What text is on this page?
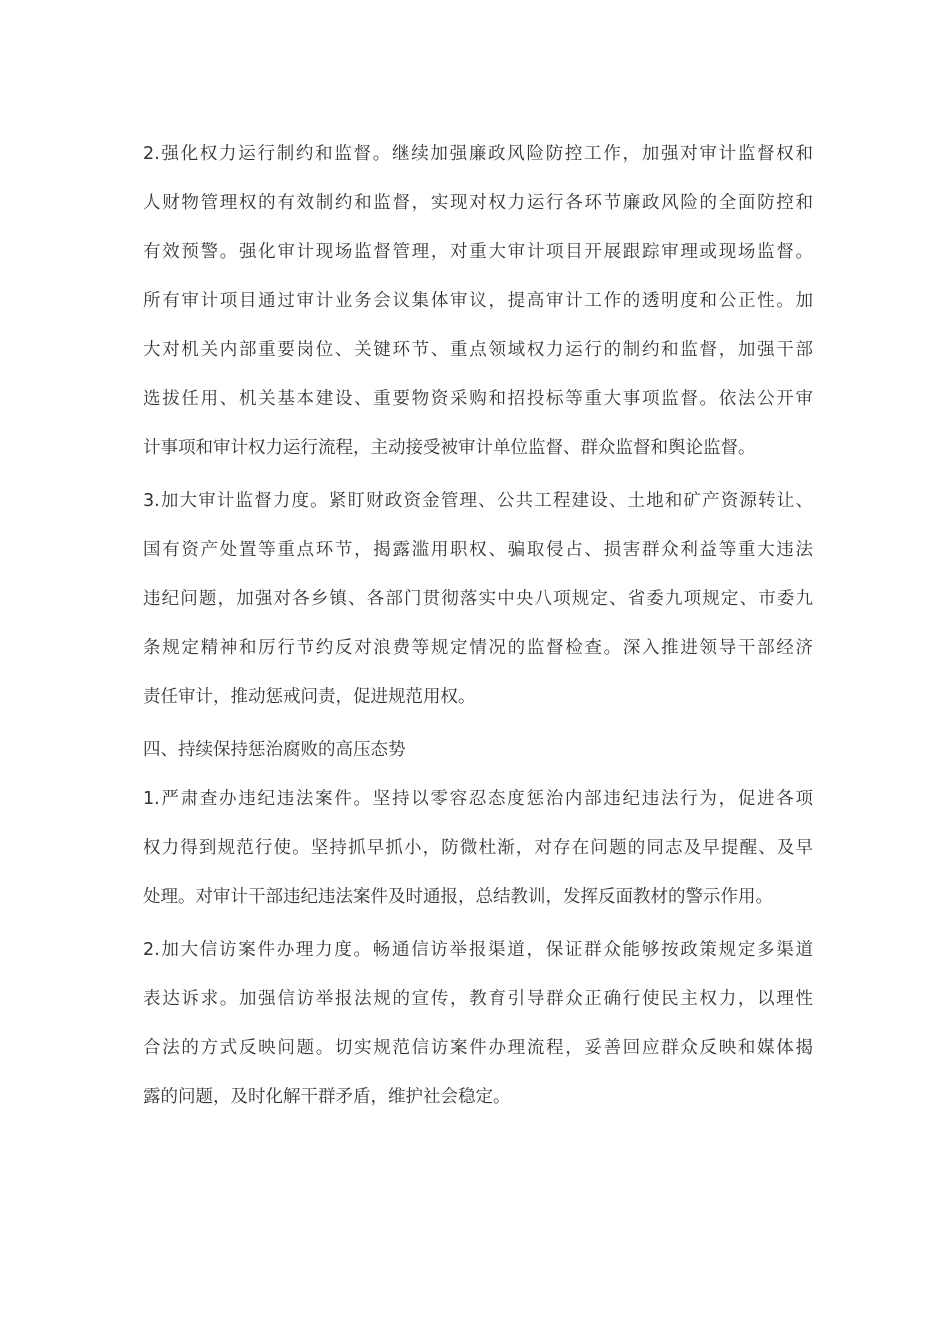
2.强化权力运行制约和监督。继续加强廉政风险防控工作，加强对审计监督权和
人财物管理权的有效制约和监督，实现对权力运行各环节廉政风险的全面防控和
有效预警。强化审计现场监督管理，对重大审计项目开展跟踪审理或现场监督。
所有审计项目通过审计业务会议集体审议，提高审计工作的透明度和公正性。加
大对机关内部重要岗位、关键环节、重点领域权力运行的制约和监督，加强干部
选拔任用、机关基本建设、重要物资采购和招投标等重大事项监督。依法公开审
计事项和审计权力运行流程，主动接受被审计单位监督、群众监督和舆论监督。
3.加大审计监督力度。紧盯财政资金管理、公共工程建设、土地和矿产资源转让、
国有资产处置等重点环节，揭露滥用职权、骗取侵占、损害群众利益等重大违法
违纪问题，加强对各乡镇、各部门贯彻落实中央八项规定、省委九项规定、市委九
条规定精神和厉行节约反对浪费等规定情况的监督检查。深入推进领导干部经济
责任审计，推动惩戒问责，促进规范用权。
四、持续保持惩治腐败的高压态势
1.严肃查办违纪违法案件。坚持以零容忍态度惩治内部违纪违法行为，促进各项
权力得到规范行使。坚持抓早抓小，防微杜渐，对存在问题的同志及早提醒、及早
处理。对审计干部违纪违法案件及时通报，总结教训，发挥反面教材的警示作用。
2.加大信访案件办理力度。畅通信访举报渠道，保证群众能够按政策规定多渠道
表达诉求。加强信访举报法规的宣传，教育引导群众正确行使民主权力，以理性
合法的方式反映问题。切实规范信访案件办理流程，妥善回应群众反映和媒体揭
露的问题，及时化解干群矛盾，维护社会稳定。
